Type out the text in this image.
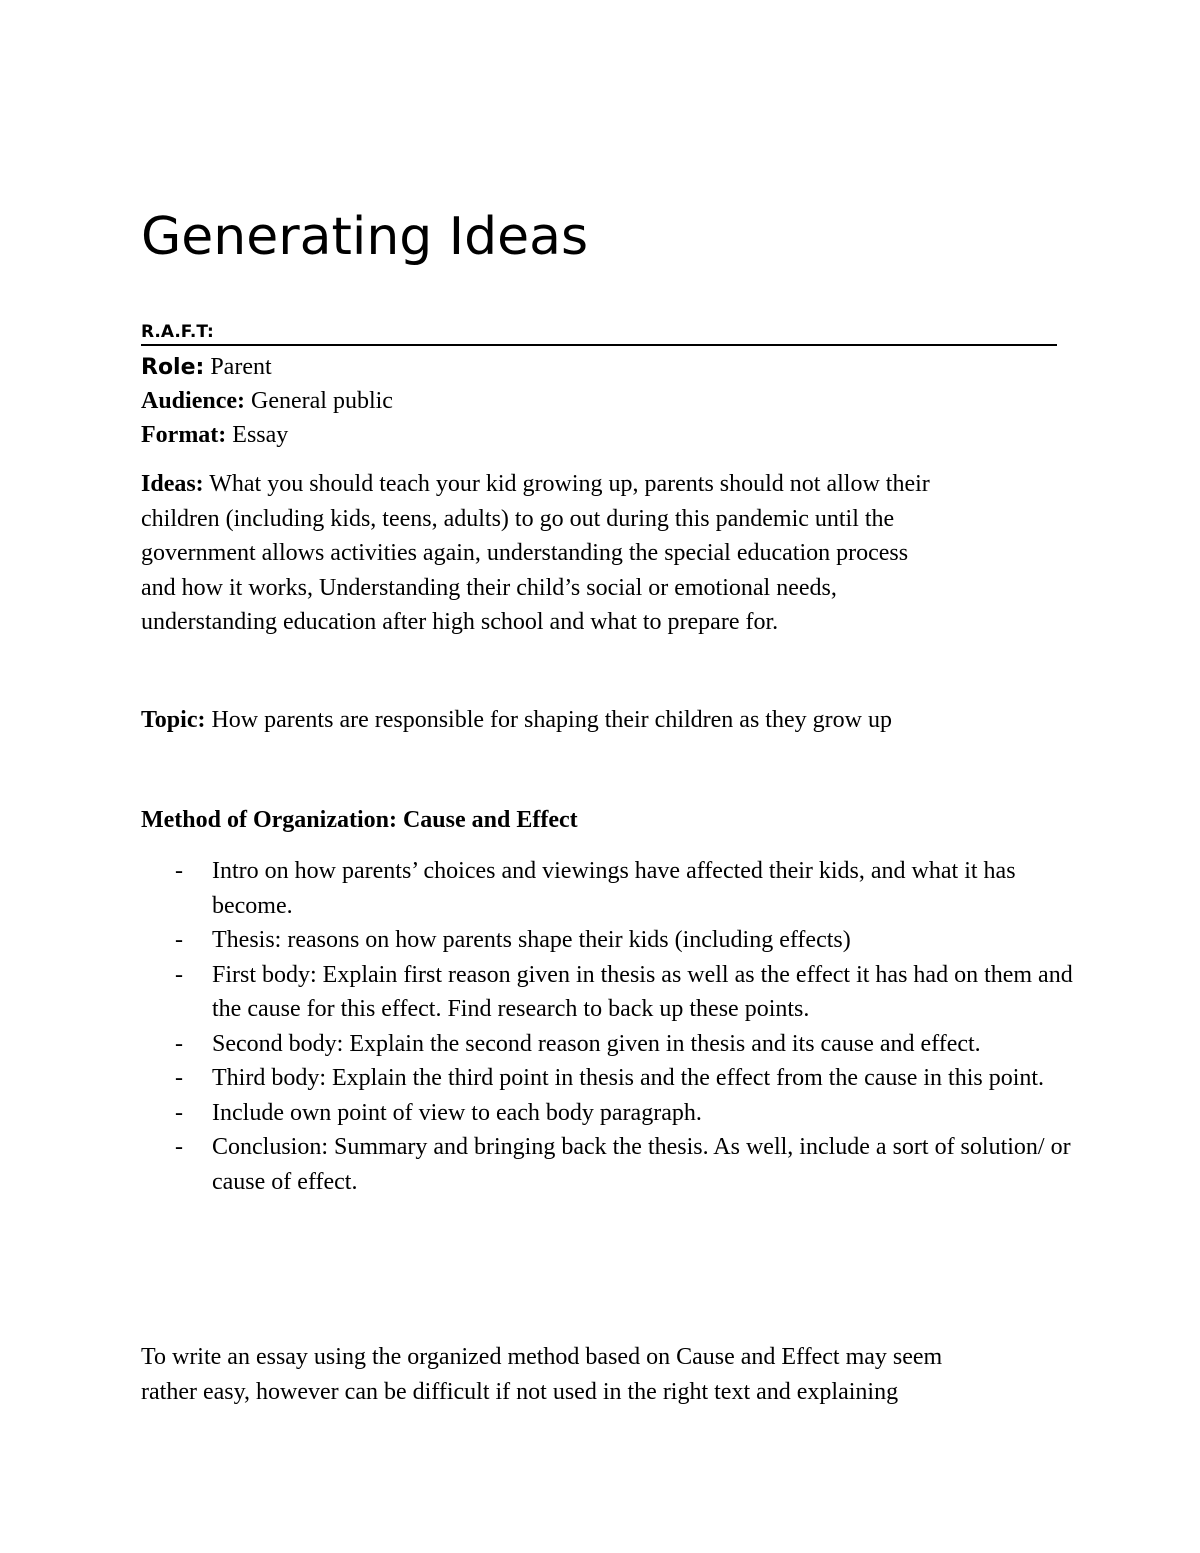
Generating Ideas
R.A.F.T:

Role: Parent

Audience: General public

Format: Essay

Ideas: What you should teach your kid growing up, parents should not allow their
children (including kids, teens, adults) to go out during this pandemic until the
government allows activities again, understanding the special education process
and how it works, Understanding their child’s social or emotional needs,
understanding education after high school and what to prepare for.

Topic: How parents are responsible for shaping their children as they grow up

Method of Organization: Cause and Effect

- Intro on how parents’ choices and viewings have affected their kids, and what it has become.
- Thesis: reasons on how parents shape their kids (including effects)
- First body: Explain first reason given in thesis as well as the effect it has had on them and the cause for this effect. Find research to back up these points.
- Second body: Explain the second reason given in thesis and its cause and effect.
- Third body: Explain the third point in thesis and the effect from the cause in this point.
- Include own point of view to each body paragraph.
- Conclusion: Summary and bringing back the thesis. As well, include a sort of solution/ or cause of effect.
To write an essay using the organized method based on Cause and Effect may seem
rather easy, however can be difficult if not used in the right text and explaining
